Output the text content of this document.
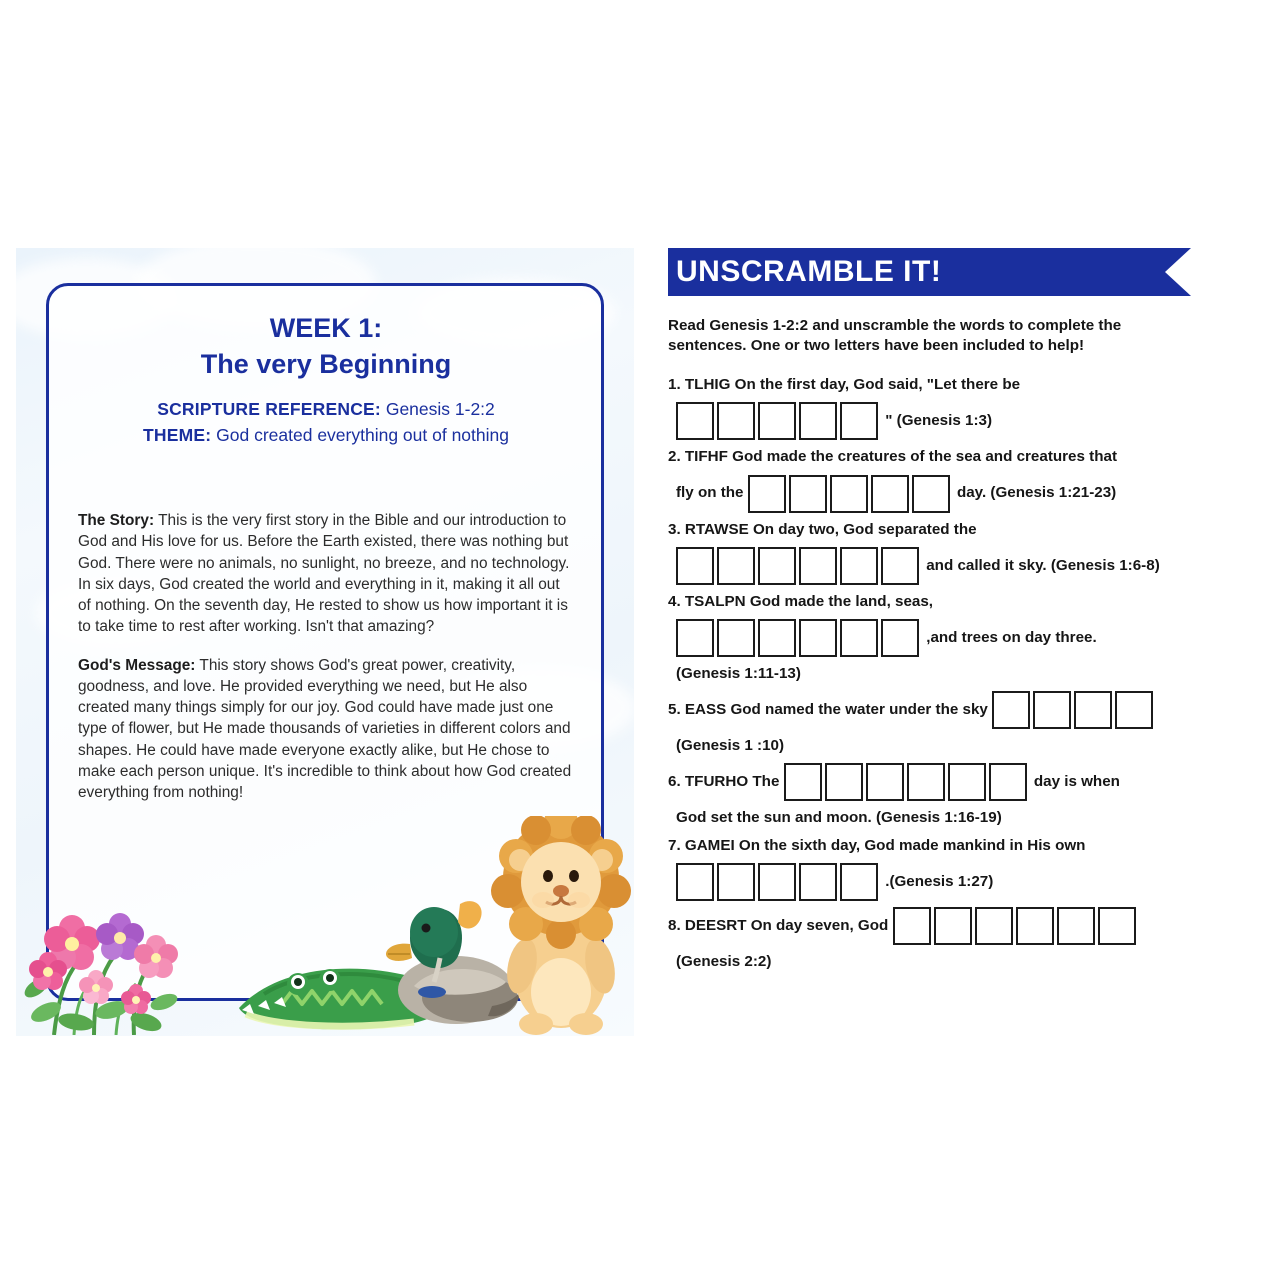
WEEK 1:
The very Beginning
SCRIPTURE REFERENCE: Genesis 1-2:2
THEME: God created everything out of nothing

The Story: This is the very first story in the Bible and our introduction to God and His love for us. Before the Earth existed, there was nothing but God. There were no animals, no sunlight, no breeze, and no technology. In six days, God created the world and everything in it, making it all out of nothing. On the seventh day, He rested to show us how important it is to take time to rest after working. Isn't that amazing?

God's Message: This story shows God's great power, creativity, goodness, and love. He provided everything we need, but He also created many things simply for our joy. God could have made just one type of flower, but He made thousands of varieties in different colors and shapes. He could have made everyone exactly alike, but He chose to make each person unique. It's incredible to think about how God created everything from nothing!

UNSCRAMBLE IT!
Read Genesis 1-2:2 and unscramble the words to complete the sentences. One or two letters have been included to help!
1. TLHIG On the first day, God said, "Let there be
" (Genesis 1:3)
2. TIFHF God made the creatures of the sea and creatures that
fly on the	day. (Genesis 1:21-23)
3. RTAWSE On day two, God separated the
and called it sky. (Genesis 1:6-8)
4. TSALPN God made the land, seas,
,and trees on day three.
(Genesis 1:11-13)
5. EASS God named the water under the sky
(Genesis 1 :10)
6. TFURHO The	day is when
God set the sun and moon. (Genesis 1:16-19)
7. GAMEI On the sixth day, God made mankind in His own
.(Genesis 1:27)
8. DEESRT On day seven, God
(Genesis 2:2)
